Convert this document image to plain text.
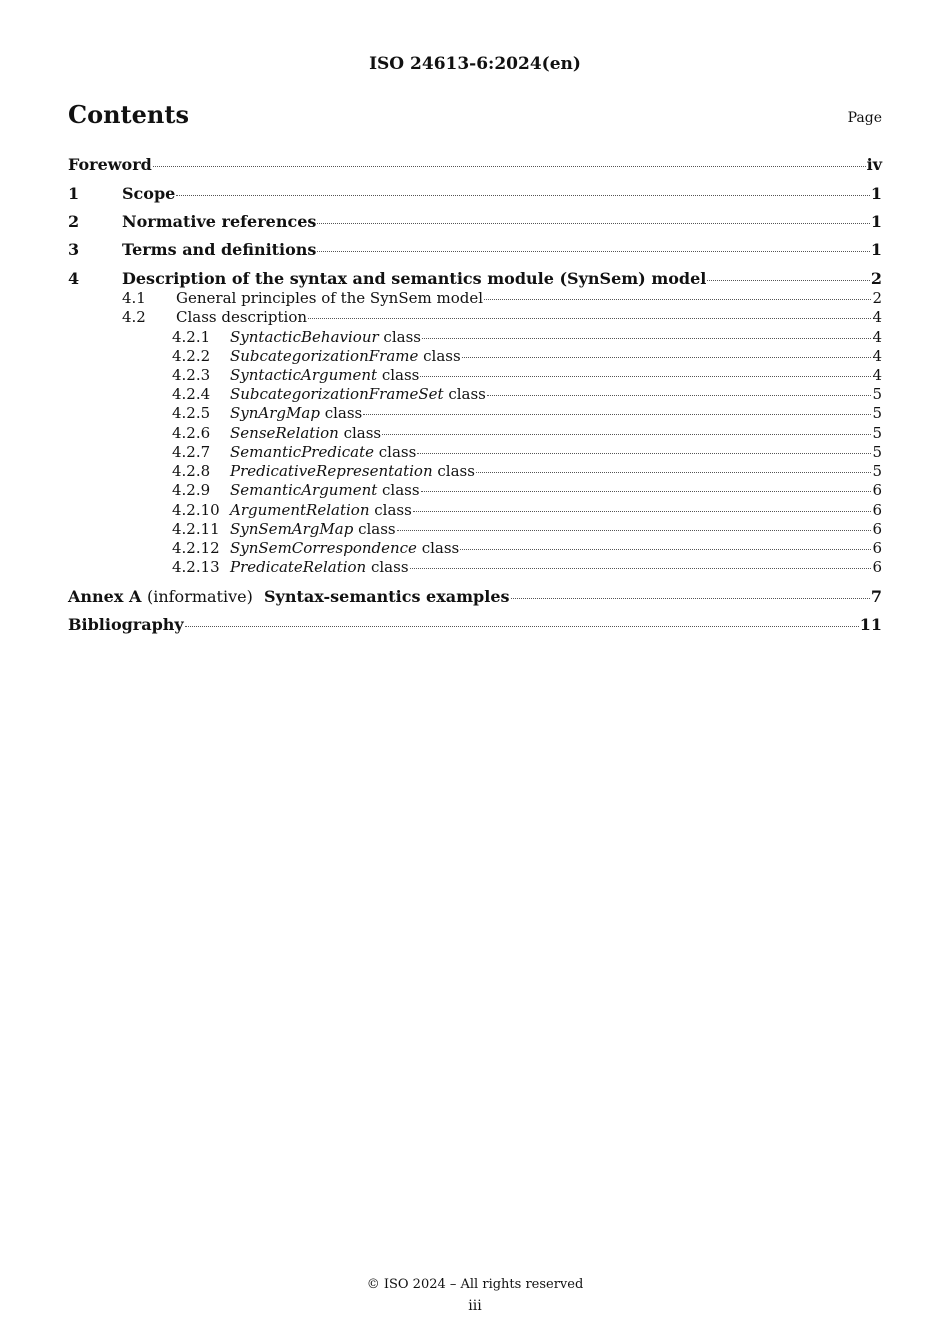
ISO 24613-6:2024(en)
Contents	Page
Foreword	iv
1	Scope	1
2	Normative references	1
3	Terms and definitions	1
4	Description of the syntax and semantics module (SynSem) model	2
4.1	General principles of the SynSem model	2
4.2	Class description	4
4.2.1	SyntacticBehaviour class	4
4.2.2	SubcategorizationFrame class	4
4.2.3	SyntacticArgument class	4
4.2.4	SubcategorizationFrameSet class	5
4.2.5	SynArgMap class	5
4.2.6	SenseRelation class	5
4.2.7	SemanticPredicate class	5
4.2.8	PredicativeRepresentation class	5
4.2.9	SemanticArgument class	6
4.2.10 ArgumentRelation class	6
4.2.11 SynSemArgMap class	6
4.2.12 SynSemCorrespondence class	6
4.2.13 PredicateRelation class	6
Annex A (informative) Syntax-semantics examples	7
Bibliography	11
© ISO 2024 – All rights reserved
iii
